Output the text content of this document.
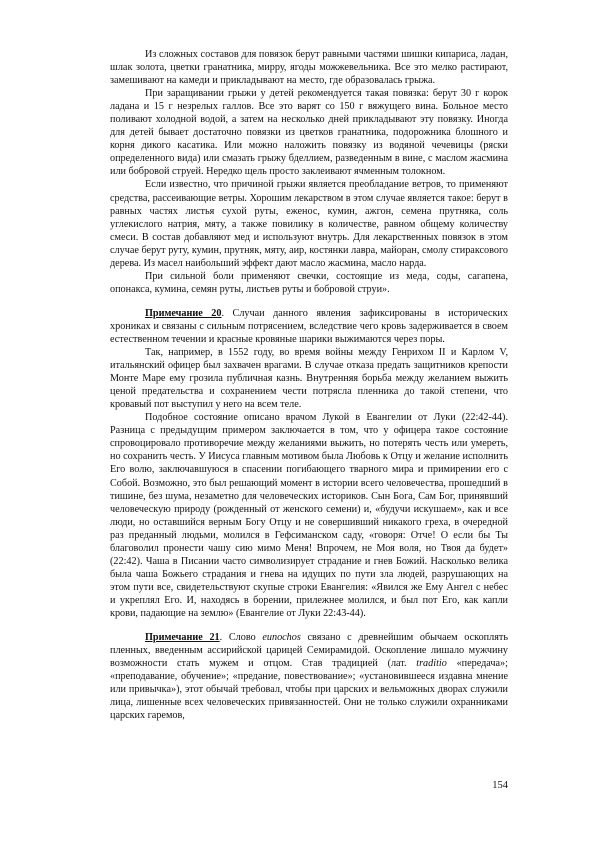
Из сложных составов для повязок берут равными частями шишки кипариса, ладан, шлак золота, цветки гранатника, мирру, ягоды можжевельника. Все это мелко растирают, замешивают на камеди и прикладывают на место, где образовалась грыжа.

При заращивании грыжи у детей рекомендуется такая повязка: берут 30 г корок ладана и 15 г незрелых галлов. Все это варят со 150 г вяжущего вина. Больное место поливают холодной водой, а затем на несколько дней прикладывают эту повязку. Иногда для детей бывает достаточно повязки из цветков гранатника, подорожника блошного и корня дикого касатика. Или можно наложить повязку из водяной чечевицы (ряски определенного вида) или смазать грыжу бделлием, разведенным в вине, с маслом жасмина или бобровой струей. Нередко щель просто заклеивают ячменным толокном.

Если известно, что причиной грыжи является преобладание ветров, то применяют средства, рассеивающие ветры. Хорошим лекарством в этом случае является такое: берут в равных частях листья сухой руты, еженос, кумин, ажгон, семена прутняка, соль углекислого натрия, мяту, а также повилику в количестве, равном общему количеству смеси. В состав добавляют мед и используют внутрь. Для лекарственных повязок в этом случае берут руту, кумин, прутняк, мяту, аир, костянки лавра, майоран, смолу стираксового дерева. Из масел наибольший эффект дают масло жасмина, масло нарда.

При сильной боли применяют свечки, состоящие из меда, соды, сагапена, опонакса, кумина, семян руты, листьев руты и бобровой струи».

Примечание 20. Случаи данного явления зафиксированы в исторических хрониках и связаны с сильным потрясением, вследствие чего кровь задерживается в своем естественном течении и красные кровяные шарики выжимаются через поры.

Так, например, в 1552 году, во время войны между Генрихом II и Карлом V, итальянский офицер был захвачен врагами. В случае отказа предать защитников крепости Монте Маре ему грозила публичная казнь. Внутренняя борьба между желанием выжить ценой предательства и сохранением чести потрясла пленника до такой степени, что кровавый пот выступил у него на всем теле.

Подобное состояние описано врачом Лукой в Евангелии от Луки (22:42-44). Разница с предыдущим примером заключается в том, что у офицера такое состояние спровоцировало противоречие между желаниями выжить, но потерять честь или умереть, но сохранить честь. У Иисуса главным мотивом была Любовь к Отцу и желание исполнить Его волю, заключавшуюся в спасении погибающего тварного мира и примирении его с Собой. Возможно, это был решающий момент в истории всего человечества, прошедший в тишине, без шума, незаметно для человеческих историков. Сын Бога, Сам Бог, принявший человеческую природу (рожденный от женского семени) и, «будучи искушаем», как и все люди, но оставшийся верным Богу Отцу и не совершивший никакого греха, в очередной раз преданный людьми, молился в Гефсиманском саду, «говоря: Отче! О если бы Ты благоволил пронести чашу сию мимо Меня! Впрочем, не Моя воля, но Твоя да будет» (22:42). Чаша в Писании часто символизирует страдание и гнев Божий. Насколько велика была чаша Божьего страдания и гнева на идущих по пути зла людей, разрушающих на этом пути все, свидетельствуют скупые строки Евангелия: «Явился же Ему Ангел с небес и укреплял Его. И, находясь в борении, прилежнее молился, и был пот Его, как капли крови, падающие на землю» (Евангелие от Луки 22:43-44).

Примечание 21. Слово eunochos связано с древнейшим обычаем оскоплять пленных, введенным ассирийской царицей Семирамидой. Оскопление лишало мужчину возможности стать мужем и отцом. Став традицией (лат. traditio «передача»; «преподавание, обучение»; «предание, повествование»; «установившееся издавна мнение или привычка»), этот обычай требовал, чтобы при царских и вельможных дворах служили лица, лишенные всех человеческих привязанностей. Они не только служили охранниками царских гаремов,

154
